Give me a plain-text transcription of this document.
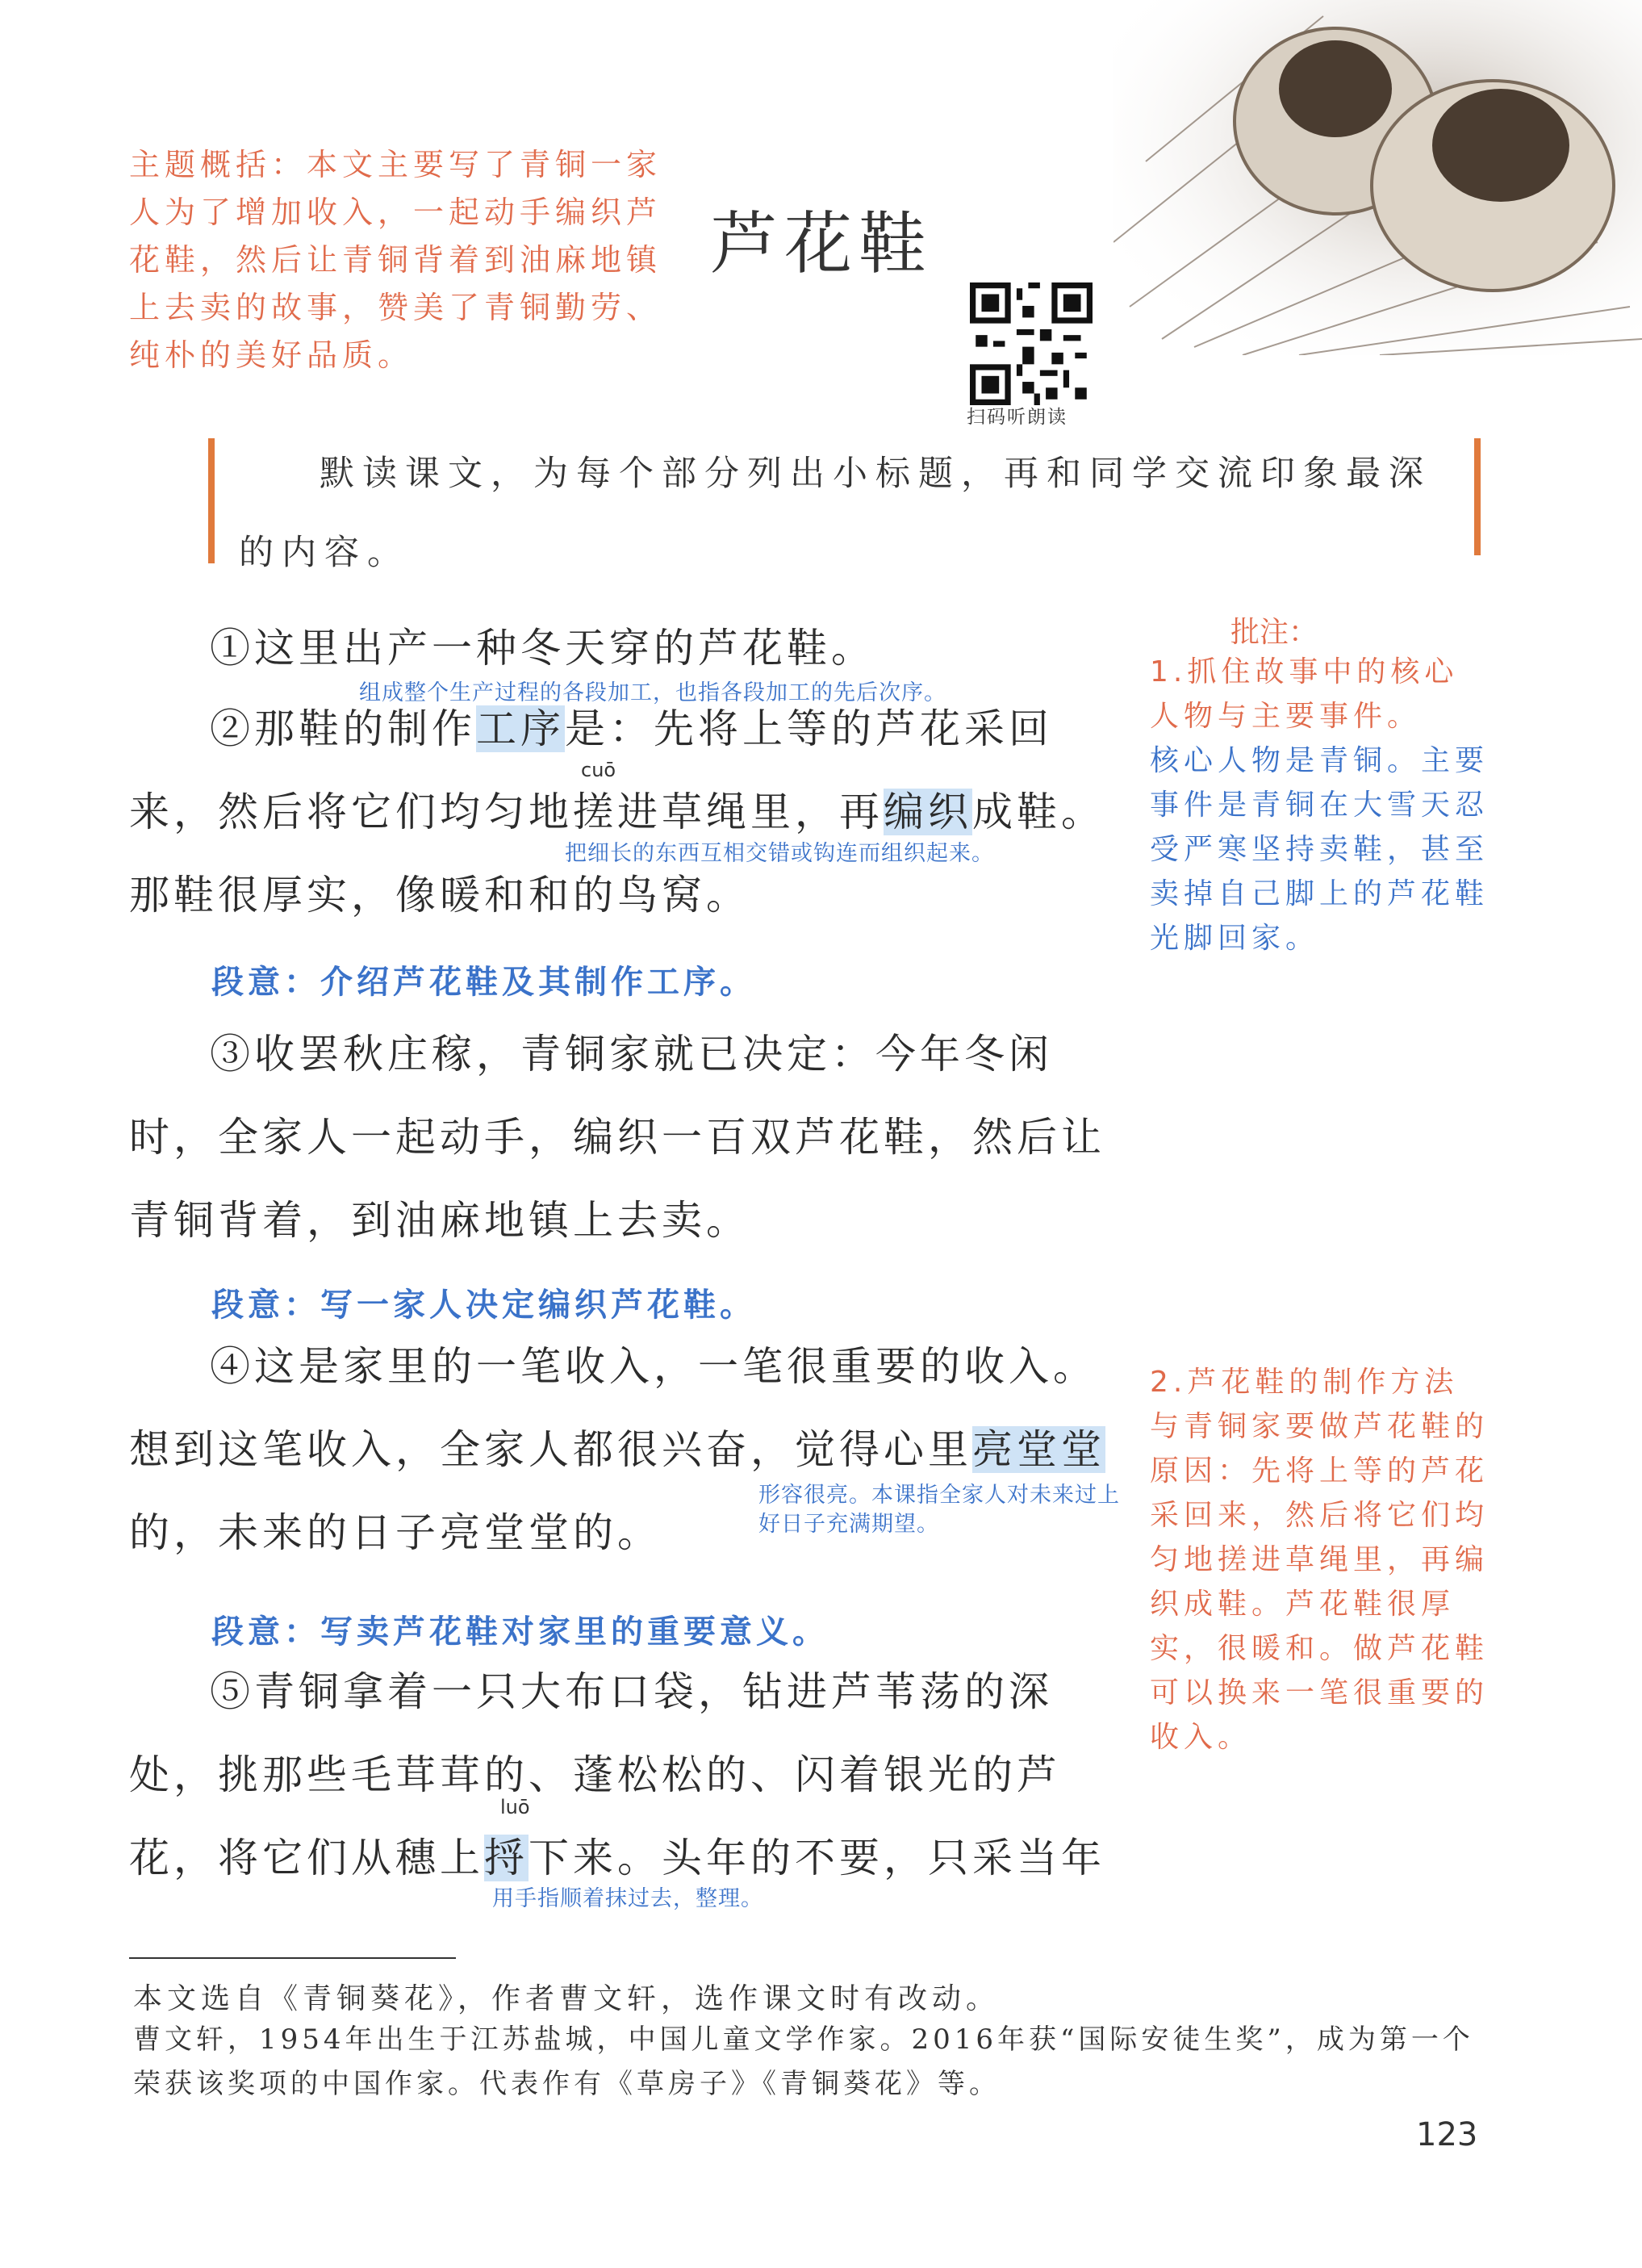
主题概括：本文主要写了青铜一家人为了增加收入，一起动手编织芦花鞋，然后让青铜背着到油麻地镇上去卖的故事，赞美了青铜勤劳、纯朴的美好品质。
芦花鞋
扫码听朗读
默读课文，为每个部分列出小标题，再和同学交流印象最深的内容。
①这里出产一种冬天穿的芦花鞋。
②那鞋的制作工序是：先将上等的芦花采回
来，然后将它们均匀地搓进草绳里，再编织成鞋。
那鞋很厚实，像暖和和的鸟窝。
组成整个生产过程的各段加工，也指各段加工的先后次序。
cuō
把细长的东西互相交错或钩连而组织起来。
段意：介绍芦花鞋及其制作工序。
③收罢秋庄稼，青铜家就已决定：今年冬闲
时，全家人一起动手，编织一百双芦花鞋，然后让
青铜背着，到油麻地镇上去卖。
段意：写一家人决定编织芦花鞋。
④这是家里的一笔收入，一笔很重要的收入。
想到这笔收入，全家人都很兴奋，觉得心里亮堂堂
的，未来的日子亮堂堂的。
形容很亮。本课指全家人对未来过上好日子充满期望。
段意：写卖芦花鞋对家里的重要意义。
⑤青铜拿着一只大布口袋，钻进芦苇荡的深
处，挑那些毛茸茸的、蓬松松的、闪着银光的芦
花，将它们从穗上捋下来。头年的不要，只采当年
luō
用手指顺着抹过去，整理。
批注：
1.抓住故事中的核心人物与主要事件。
核心人物是青铜。主要事件是青铜在大雪天忍受严寒坚持卖鞋，甚至卖掉自己脚上的芦花鞋光脚回家。
2.芦花鞋的制作方法与青铜家要做芦花鞋的原因：先将上等的芦花采回来，然后将它们均匀地搓进草绳里，再编织成鞋。芦花鞋很厚实，很暖和。做芦花鞋可以换来一笔很重要的收入。
本文选自《青铜葵花》，作者曹文轩，选作课文时有改动。
曹文轩，1954年出生于江苏盐城，中国儿童文学作家。2016年获“国际安徒生奖”，成为第一个荣获该奖项的中国作家。代表作有《草房子》《青铜葵花》等。
123
